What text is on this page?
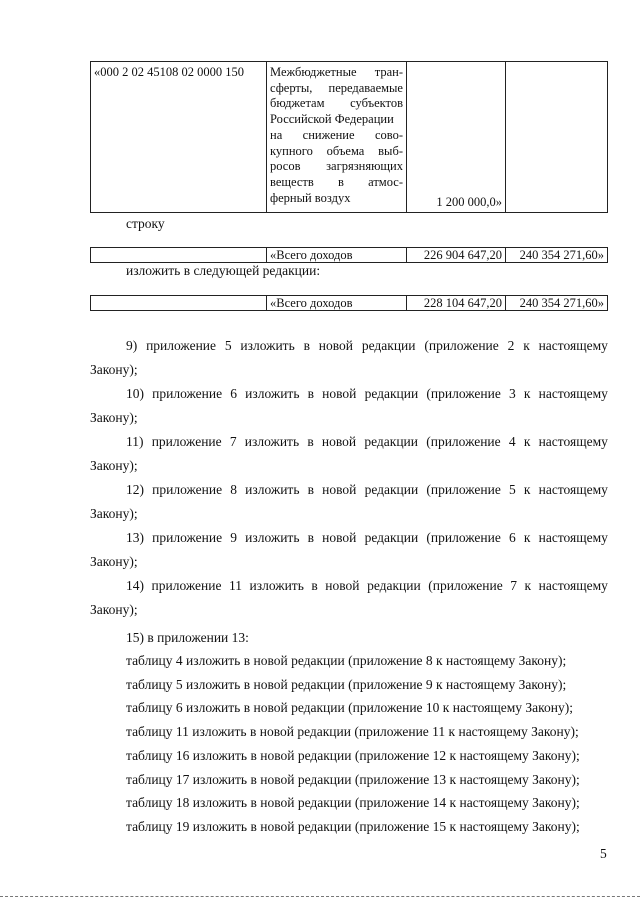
«000 2 02 45108 02 0000 150	Межбюджетные тран-
сферты, передаваемые
бюджетам субъектов
Российской Федерации
на снижение сово-
купного объема выб-
росов загрязняющих
веществ в атмос-
ферный воздух	1 200 000,0»
строку
«Всего доходов	226 904 647,20	240 354 271,60»
изложить в следующей редакции:
«Всего доходов	228 104 647,20	240 354 271,60»
9) приложение 5 изложить в новой редакции (приложение 2 к настоящему
Закону);
10) приложение 6 изложить в новой редакции (приложение 3 к настоящему
Закону);
11) приложение 7 изложить в новой редакции (приложение 4 к настоящему
Закону);
12) приложение 8 изложить в новой редакции (приложение 5 к настоящему
Закону);
13) приложение 9 изложить в новой редакции (приложение 6 к настоящему
Закону);
14) приложение 11 изложить в новой редакции (приложение 7 к настоящему
Закону);
15) в приложении 13:
таблицу 4 изложить в новой редакции (приложение 8 к настоящему Закону);
таблицу 5 изложить в новой редакции (приложение 9 к настоящему Закону);
таблицу 6 изложить в новой редакции (приложение 10 к настоящему Закону);
таблицу 11 изложить в новой редакции (приложение 11 к настоящему Закону);
таблицу 16 изложить в новой редакции (приложение 12 к настоящему Закону);
таблицу 17 изложить в новой редакции (приложение 13 к настоящему Закону);
таблицу 18 изложить в новой редакции (приложение 14 к настоящему Закону);
таблицу 19 изложить в новой редакции (приложение 15 к настоящему Закону);
5
